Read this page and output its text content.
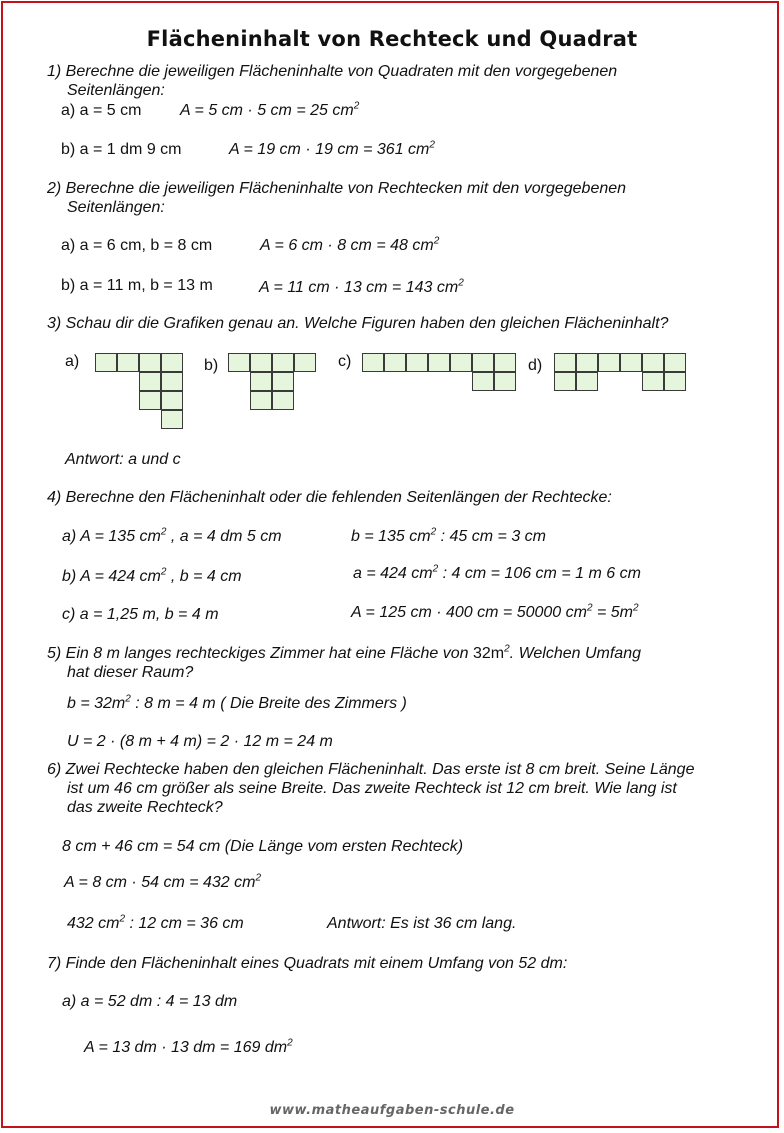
Flächeninhalt von Rechteck und Quadrat
1) Berechne die jeweiligen Flächeninhalte von Quadraten mit den vorgegebenen
Seitenlängen:
a) a = 5 cm A = 5 cm · 5 cm = 25 $cm^2$
b) a = 1 dm 9 cm	A = 19 cm · 19 cm = 361 $cm^2$
2) Berechne die jeweiligen Flächeninhalte von Rechtecken mit den vorgegebenen
Seitenlängen:
a) a = 6 cm, b = 8 cm	A = 6 cm · 8 cm = 48 $cm^2$
b) a = 11 m, b = 13 m	A = 11 cm · 13 cm = 143 $cm^2$
3) Schau dir die Grafiken genau an. Welche Figuren haben den gleichen Flächeninhalt?
a)	b)	c)	d)
Antwort: a und c
4) Berechne den Flächeninhalt oder die fehlenden Seitenlängen der Rechtecke:
a) A = 135 $cm^2$ , a = 4 dm 5 cm	b = 135 $cm^2$ : 45 cm = 3 cm
b) A = 424 $cm^2$ , b = 4 cm	a = 424 $cm^2$ : 4 cm = 106 cm = 1 m 6 cm
c) a = 1,25 m, b = 4 m	A = 125 cm · 400 cm = 50000 $cm^2 = 5m^2$
5) Ein 8 m langes rechteckiges Zimmer hat eine Fläche von $32m^2$. Welchen Umfang
hat dieser Raum?
$b = 32m^2$ : 8 m = 4 m ( Die Breite des Zimmers )
U = 2 · (8 m + 4 m) = 2 · 12 m = 24 m
6) Zwei Rechtecke haben den gleichen Flächeninhalt. Das erste ist 8 cm breit. Seine Länge
ist um 46 cm größer als seine Breite. Das zweite Rechteck ist 12 cm breit. Wie lang ist
das zweite Rechteck?
8 cm + 46 cm = 54 cm (Die Länge vom ersten Rechteck)
A = 8 cm · 54 cm = 432 $cm^2$
432 $cm^2$ : 12 cm = 36 cm	Antwort: Es ist 36 cm lang.
7) Finde den Flächeninhalt eines Quadrats mit einem Umfang von 52 dm:
a) a = 52 dm : 4 = 13 dm
A = 13 dm · 13 dm = 169 $dm^2$
www.matheaufgaben-schule.de
